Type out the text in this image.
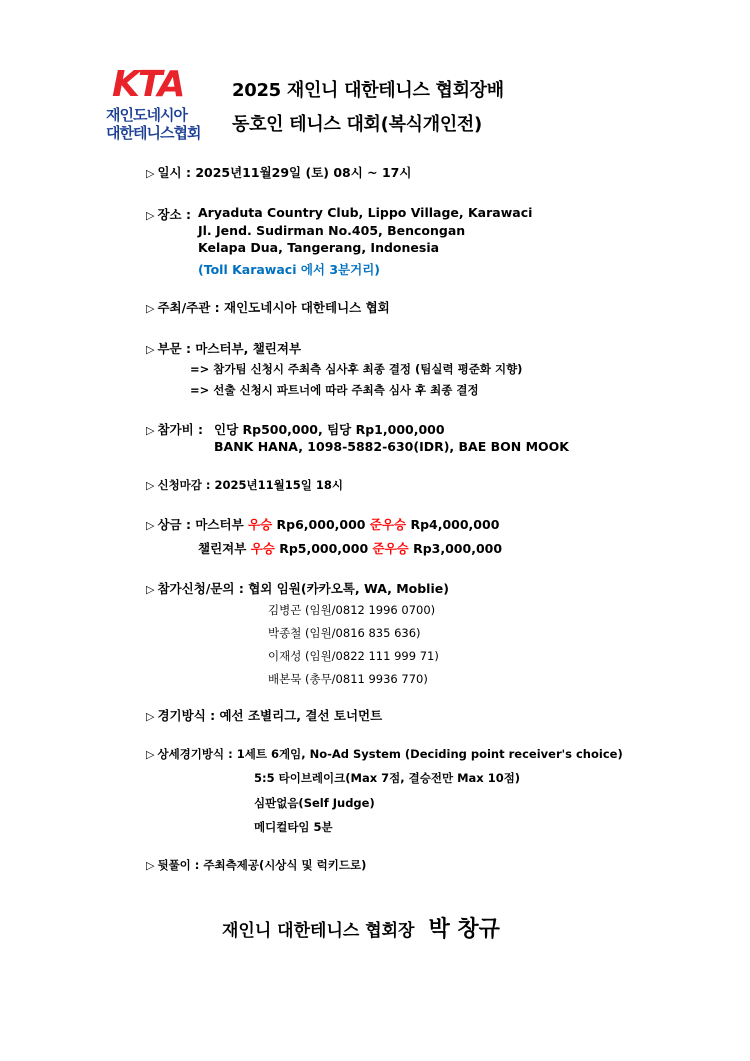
KTA
재인도네시아
대한테니스협회
2025 재인니 대한테니스 협회장배
동호인 테니스 대회(복식개인전)
▷ 일시 : 2025년11월29일 (토) 08시 ~ 17시
▷ 장소 : Aryaduta Country Club, Lippo Village, Karawaci
Jl. Jend. Sudirman No.405, Bencongan
Kelapa Dua, Tangerang, Indonesia
(Toll Karawaci 에서 3분거리)
▷ 주최/주관 : 재인도네시아 대한테니스 협회
▷ 부문 : 마스터부, 챌린져부
=> 참가팀 신청시 주최측 심사후 최종 결정 (팀실력 평준화 지향)
=> 선출 신청시 파트너에 따라 주최측 심사 후 최종 결정
▷ 참가비 : 인당 Rp500,000, 팀당 Rp1,000,000
BANK HANA, 1098-5882-630(IDR), BAE BON MOOK
▷ 신청마감 : 2025년11월15일 18시
▷ 상금 : 마스터부 우승 Rp6,000,000 준우승 Rp4,000,000
챌린져부 우승 Rp5,000,000 준우승 Rp3,000,000
▷ 참가신청/문의 : 협외 임원(카카오톡, WA, Moblie)
김병곤 (임원/0812 1996 0700)
박종철 (임원/0816 835 636)
이재성 (임원/0822 111 999 71)
배본묵 (총무/0811 9936 770)
▷ 경기방식 : 예선 조별리그, 결선 토너먼트
▷ 상세경기방식 : 1세트 6게임, No-Ad System (Deciding point receiver's choice)
5:5 타이브레이크(Max 7점, 결승전만 Max 10점)
심판없음(Self Judge)
메디컬타임 5분
▷ 뒷풀이 : 주최측제공(시상식 및 럭키드로)
재인니 대한테니스 협회장 박 창규
